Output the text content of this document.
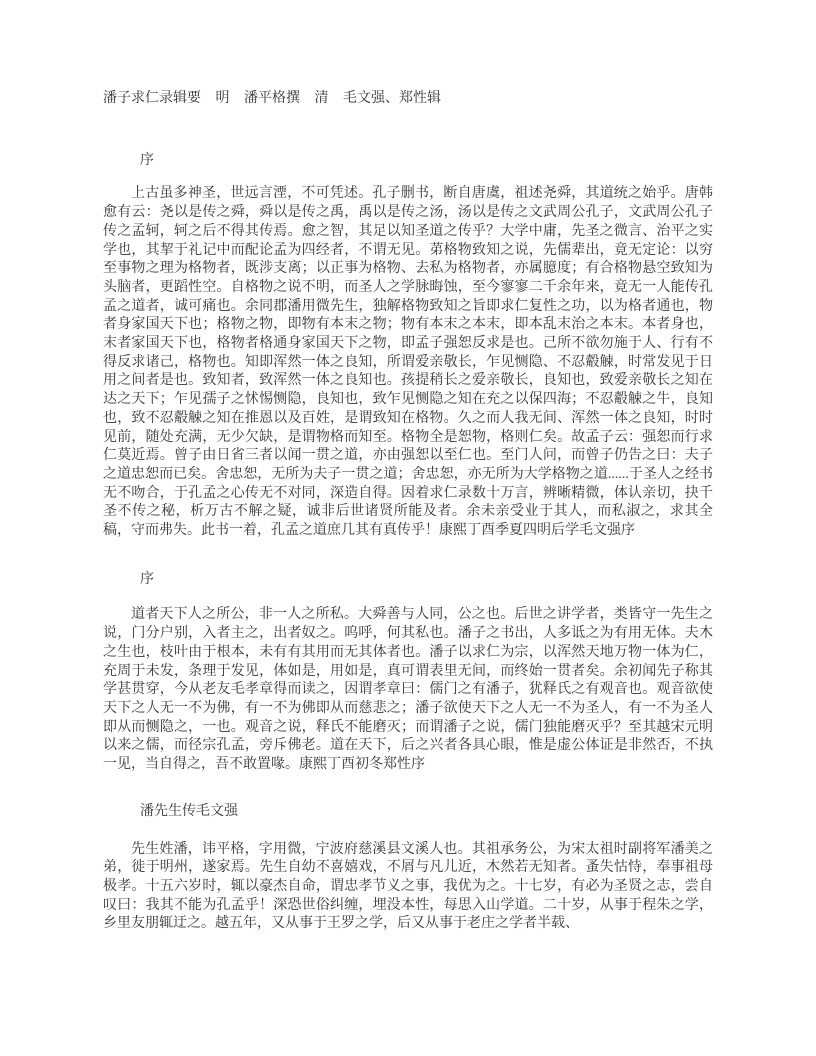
潘子求仁录辑要 明 潘平格撰 清 毛文强、郑性辑
序

上古虽多神圣，世远言湮，不可凭述。孔子删书，断自唐虞，祖述尧舜，其道统之始乎。唐韩愈有云：尧以是传之舜，舜以是传之禹，禹以是传之汤，汤以是传之文武周公孔子，文武周公孔子传之孟轲，轲之后不得其传焉。愈之智，其足以知圣道之传乎？大学中庸，先圣之微言、治平之实学也，其挈于礼记中而配论孟为四经者，不谓无见。苐格物致知之说，先儒辈出，竟无定论：以穷至事物之理为格物者，既涉支离；以正事为格物、去私为格物者，亦属臆度；有合格物悬空致知为头脑者，更蹈性空。自格物之说不明，而圣人之学脉晦蚀，至今寥寥二千余年来，竟无一人能传孔孟之道者，诚可痛也。余同郡潘用微先生，独解格物致知之旨即求仁复性之功，以为格者通也，物者身家国天下也；格物之物，即物有本末之物；物有本末之本末，即本乱末治之本末。本者身也，末者家国天下也，格物者格通身家国天下之物，即孟子强恕反求是也。己所不欲勿施于人、行有不得反求诸己，格物也。知即浑然一体之良知，所谓爱亲敬长，乍见恻隐、不忍觳觫，时常发见于日用之间者是也。致知者，致浑然一体之良知也。孩提稍长之爱亲敬长，良知也，致爱亲敬长之知在达之天下；乍见孺子之怵惕恻隐，良知也，致乍见恻隐之知在充之以保四海；不忍觳觫之牛，良知也，致不忍觳觫之知在推恩以及百姓，是谓致知在格物。久之而人我无间、浑然一体之良知，时时见前，随处充满，无少欠缺，是谓物格而知至。格物全是恕物，格则仁矣。故孟子云：强恕而行求仁莫近焉。曾子由日省三者以闻一贯之道，亦由强恕以至仁也。至门人问，而曾子仍告之曰：夫子之道忠恕而已矣。舍忠恕，无所为夫子一贯之道；舍忠恕，亦无所为大学格物之道......于圣人之经书无不吻合，于孔孟之心传无不对同，深造自得。因着求仁录数十万言，辨晰精微，体认亲切，抉千圣不传之秘，析万古不解之疑，诚非后世诸贤所能及者。余未亲受业于其人，而私淑之，求其全稿，守而弗失。此书一着，孔孟之道庶几其有真传乎！康熙丁酉季夏四明后学毛文强序

序

道者天下人之所公，非一人之所私。大舜善与人同，公之也。后世之讲学者，类皆守一先生之说，门分户别，入者主之，出者奴之。呜呼，何其私也。潘子之书出，人多诋之为有用无体。夫木之生也，枝叶由于根本，未有有其用而无其体者也。潘子以求仁为宗，以浑然天地万物一体为仁，充周于未发，条理于发见，体如是，用如是，真可谓表里无间，而终始一贯者矣。余初闻先子称其学甚贯穿，今从老友毛孝章得而读之，因谓孝章曰：儒门之有潘子，犹释氏之有观音也。观音欲使天下之人无一不为佛，有一不为佛即从而慈悲之；潘子欲使天下之人无一不为圣人，有一不为圣人即从而恻隐之，一也。观音之说，释氏不能磨灭；而谓潘子之说，儒门独能磨灭乎？至其越宋元明以来之儒，而径宗孔孟，旁斥佛老。道在天下，后之兴者各具心眼，惟是虚公体证是非然否，不执一见，当自得之，吾不敢置喙。康熙丁酉初冬郑性序

潘先生传毛文强

先生姓潘，讳平格，字用微，宁波府慈溪县文溪人也。其祖承务公，为宋太祖时副将军潘美之弟，徙于明州，遂家焉。先生自幼不喜嬉戏，不屑与凡儿近，木然若无知者。蚤失怙恃，奉事祖母极孝。十五六岁时，辄以豪杰自命，谓忠孝节义之事，我优为之。十七岁，有必为圣贤之志，尝自叹曰：我其不能为孔孟乎！深恐世俗纠缠，埋没本性，每思入山学道。二十岁，从事于程朱之学，乡里友朋辄迂之。越五年，又从事于王罗之学，后又从事于老庄之学者半载、
